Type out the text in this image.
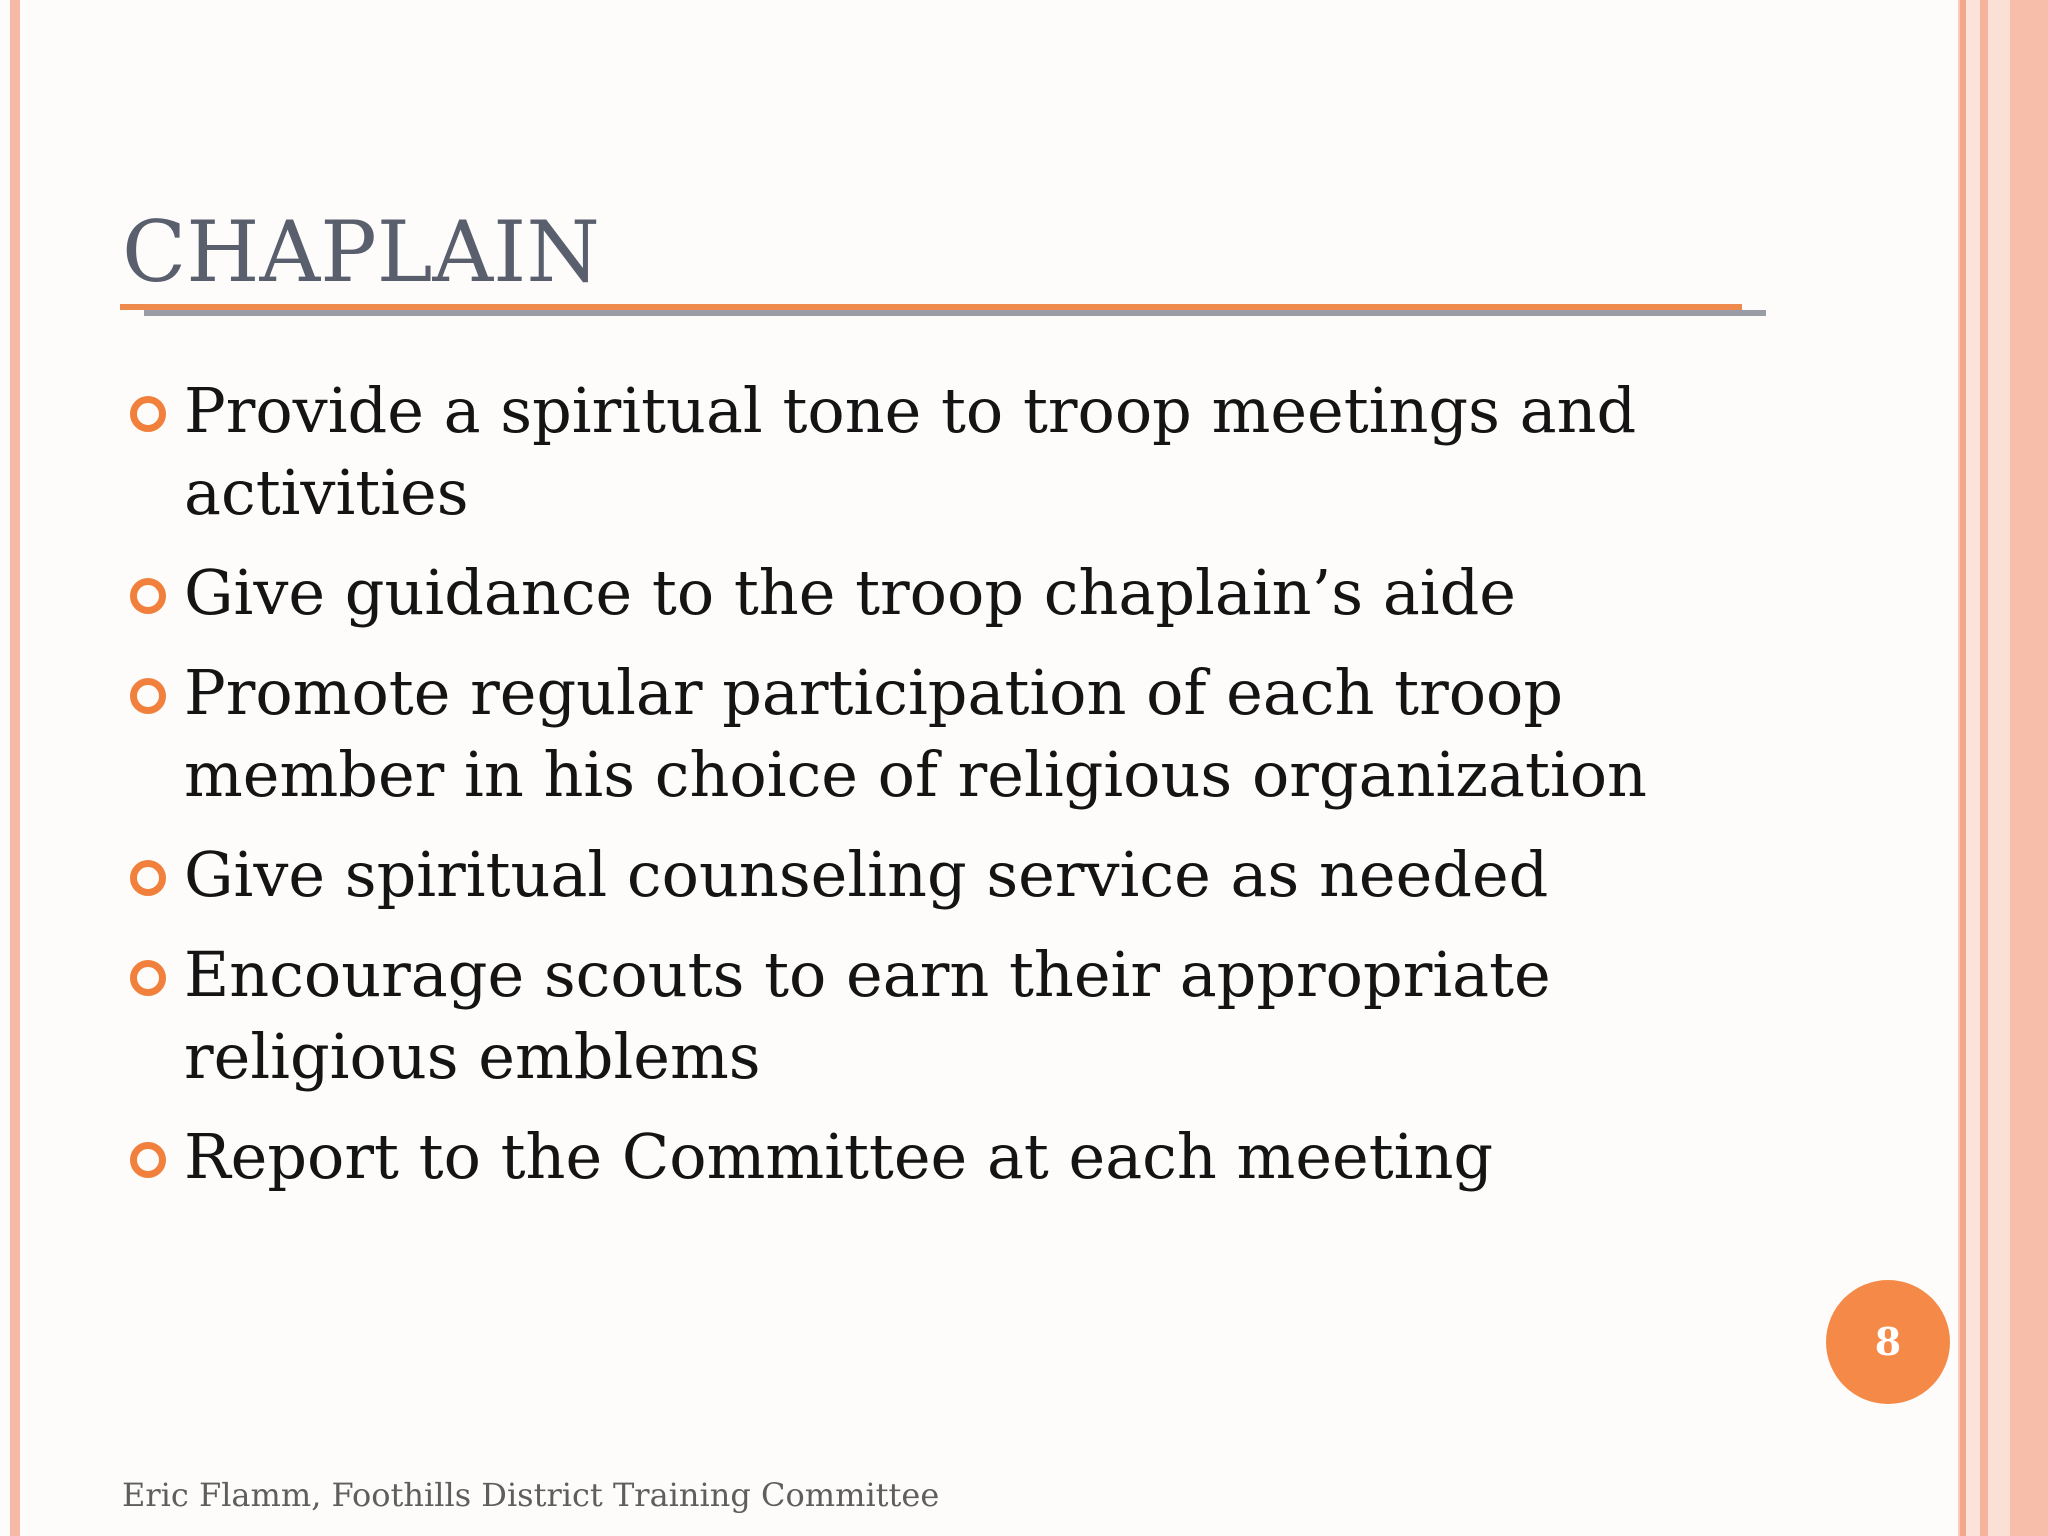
CHAPLAIN
Provide a spiritual tone to troop meetings and activities
Give guidance to the troop chaplain’s aide
Promote regular participation of each troop member in his choice of religious organization
Give spiritual counseling service as needed
Encourage scouts to earn their appropriate religious emblems
Report to the Committee at each meeting
8
Eric Flamm, Foothills District Training Committee
